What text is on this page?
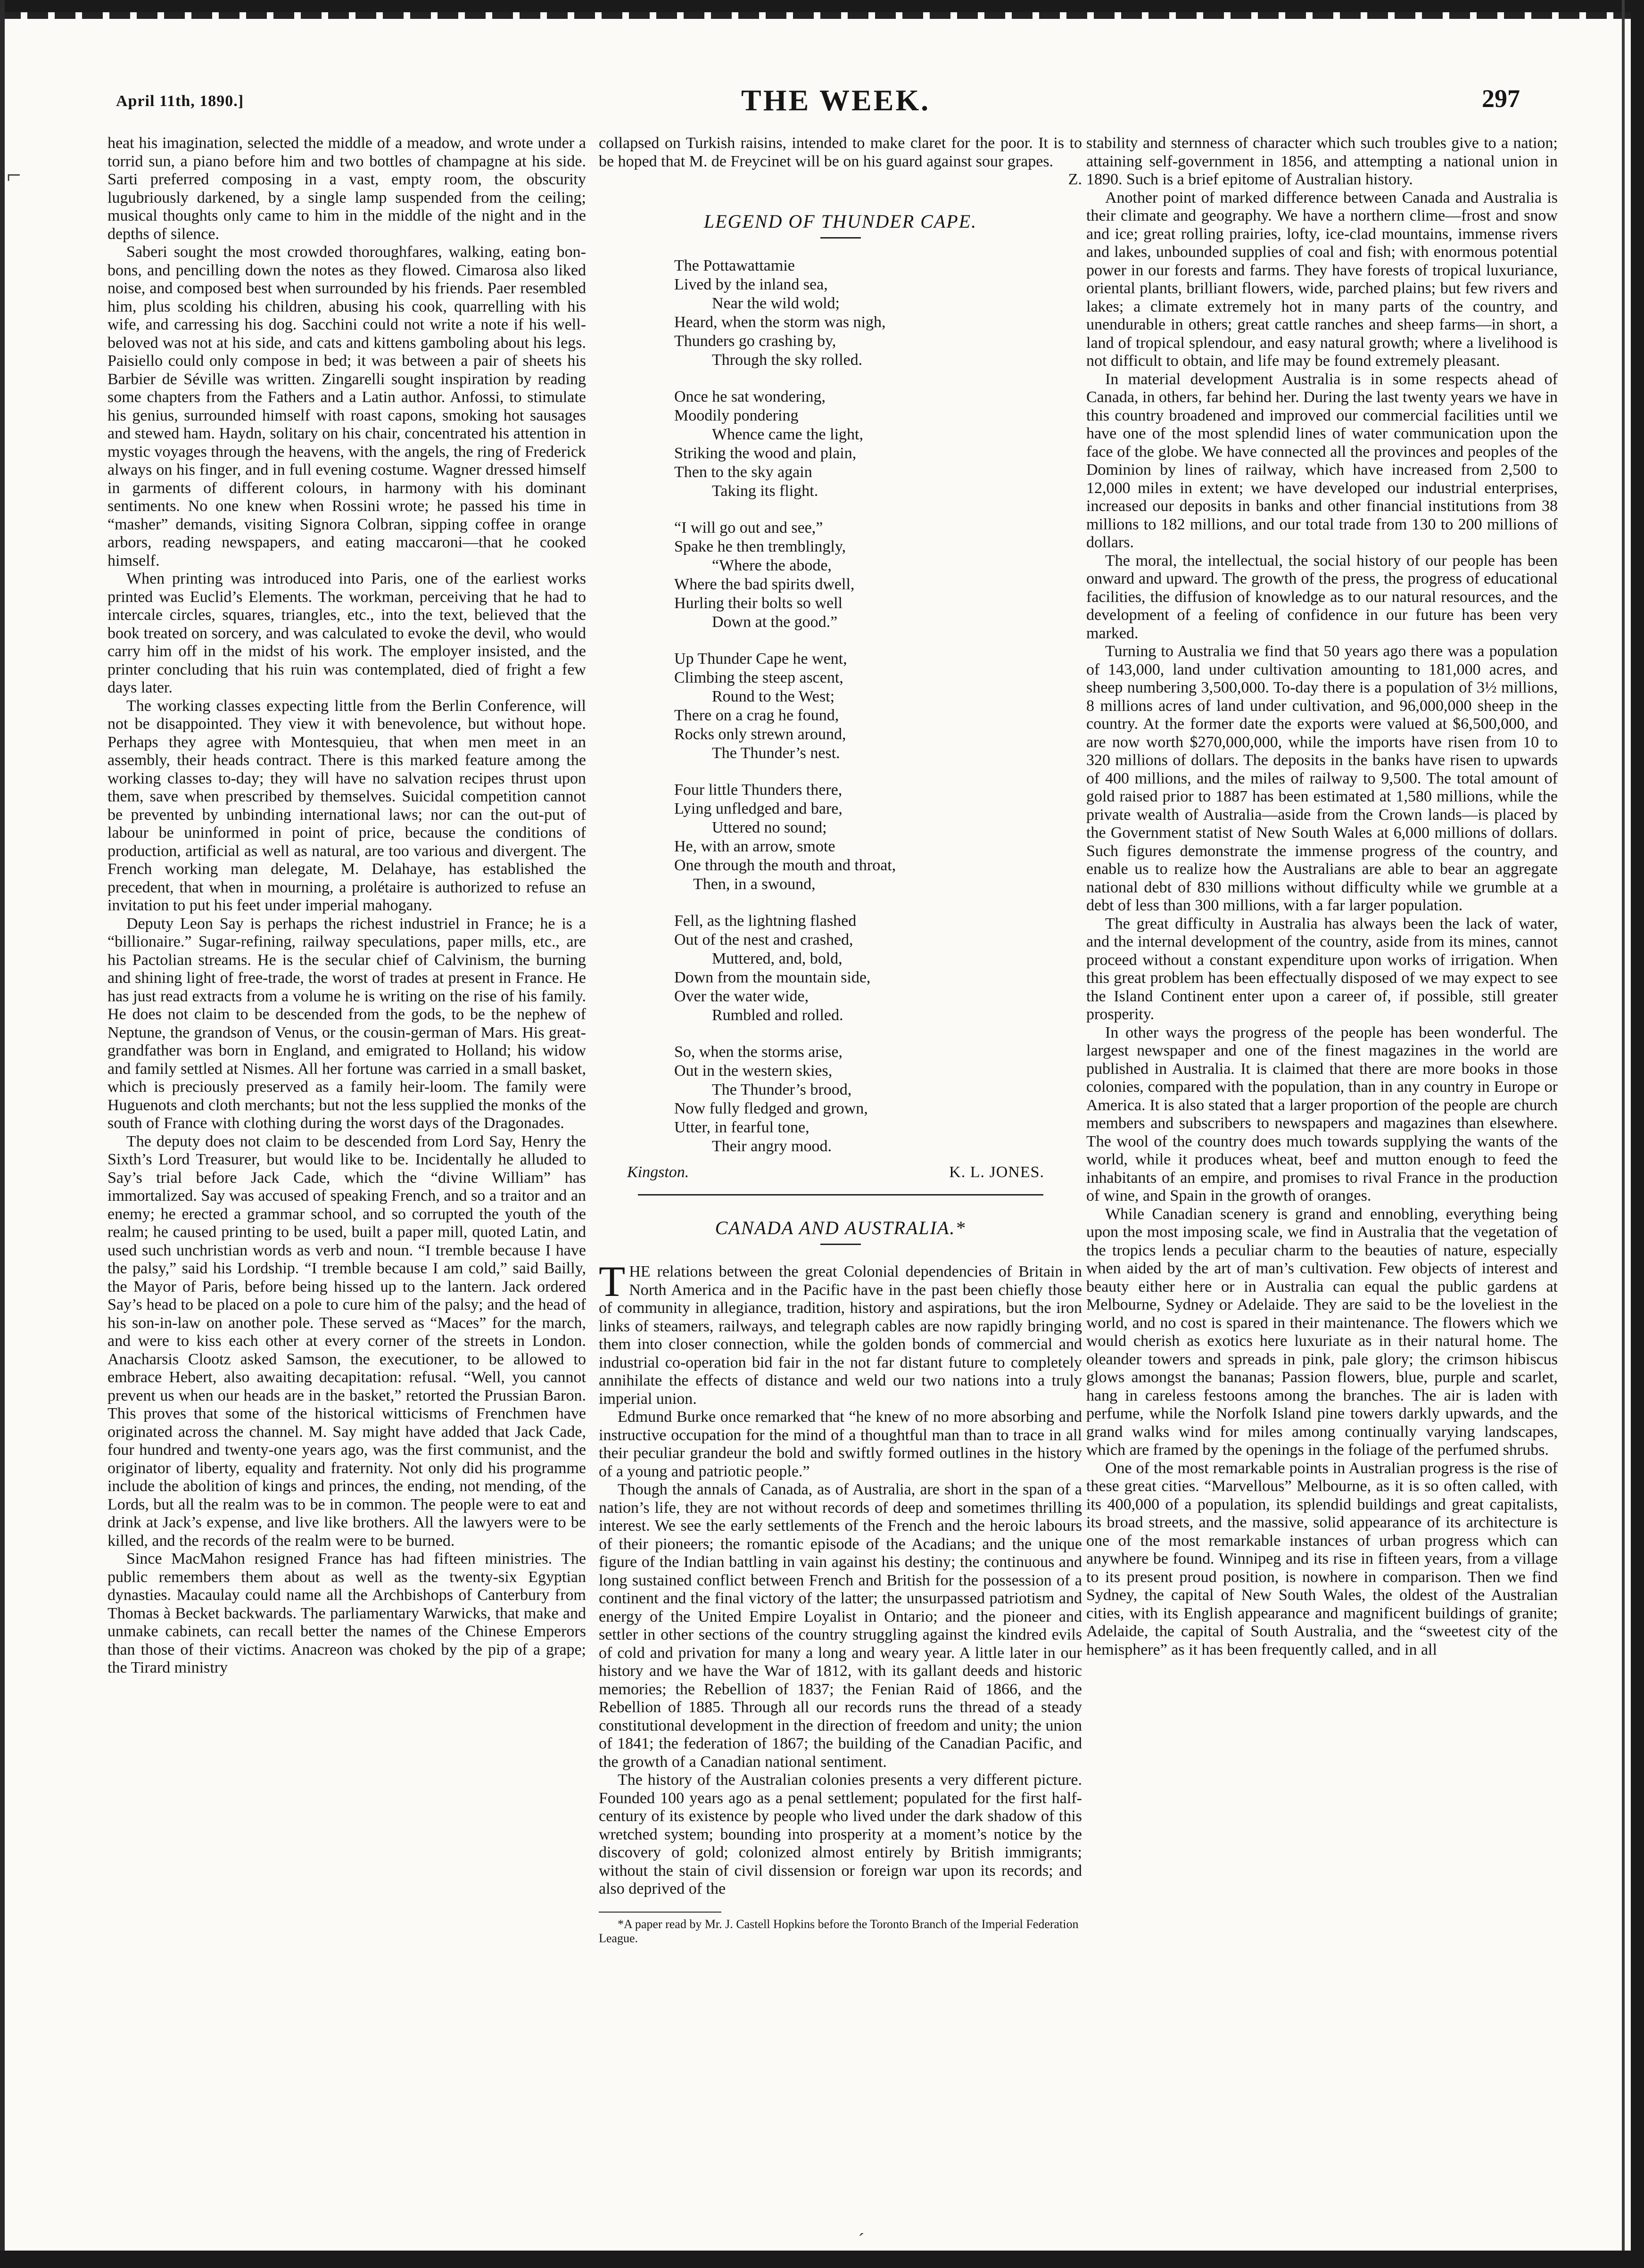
⌐
ˊ
April 11th, 1890.]	THE WEEK.	297

heat his imagination, selected the middle of a meadow, and wrote under a torrid sun, a piano before him and two bottles of champagne at his side. Sarti preferred composing in a vast, empty room, the obscurity lugubriously darkened, by a single lamp suspended from the ceiling; musical thoughts only came to him in the middle of the night and in the depths of silence.

Saberi sought the most crowded thoroughfares, walking, eating bon-bons, and pencilling down the notes as they flowed. Cimarosa also liked noise, and composed best when surrounded by his friends. Paer resembled him, plus scolding his children, abusing his cook, quarrelling with his wife, and carressing his dog. Sacchini could not write a note if his well-beloved was not at his side, and cats and kittens gamboling about his legs. Paisiello could only compose in bed; it was between a pair of sheets his Barbier de Séville was written. Zingarelli sought inspiration by reading some chapters from the Fathers and a Latin author. Anfossi, to stimulate his genius, surrounded himself with roast capons, smoking hot sausages and stewed ham. Haydn, solitary on his chair, concentrated his attention in mystic voyages through the heavens, with the angels, the ring of Frederick always on his finger, and in full evening costume. Wagner dressed himself in garments of different colours, in harmony with his dominant sentiments. No one knew when Rossini wrote; he passed his time in “masher” demands, visiting Signora Colbran, sipping coffee in orange arbors, reading newspapers, and eating maccaroni—that he cooked himself.

When printing was introduced into Paris, one of the earliest works printed was Euclid’s Elements. The workman, perceiving that he had to intercale circles, squares, triangles, etc., into the text, believed that the book treated on sorcery, and was calculated to evoke the devil, who would carry him off in the midst of his work. The employer insisted, and the printer concluding that his ruin was contemplated, died of fright a few days later.

The working classes expecting little from the Berlin Conference, will not be disappointed. They view it with benevolence, but without hope. Perhaps they agree with Montesquieu, that when men meet in an assembly, their heads contract. There is this marked feature among the working classes to-day; they will have no salvation recipes thrust upon them, save when prescribed by themselves. Suicidal competition cannot be prevented by unbinding international laws; nor can the out-put of labour be uninformed in point of price, because the conditions of production, artificial as well as natural, are too various and divergent. The French working man delegate, M. Delahaye, has established the precedent, that when in mourning, a prolétaire is authorized to refuse an invitation to put his feet under imperial mahogany.

Deputy Leon Say is perhaps the richest industriel in France; he is a “billionaire.” Sugar-refining, railway speculations, paper mills, etc., are his Pactolian streams. He is the secular chief of Calvinism, the burning and shining light of free-trade, the worst of trades at present in France. He has just read extracts from a volume he is writing on the rise of his family. He does not claim to be descended from the gods, to be the nephew of Neptune, the grandson of Venus, or the cousin-german of Mars. His great-grandfather was born in England, and emigrated to Holland; his widow and family settled at Nismes. All her fortune was carried in a small basket, which is preciously preserved as a family heir-loom. The family were Huguenots and cloth merchants; but not the less supplied the monks of the south of France with clothing during the worst days of the Dragonades.

The deputy does not claim to be descended from Lord Say, Henry the Sixth’s Lord Treasurer, but would like to be. Incidentally he alluded to Say’s trial before Jack Cade, which the “divine William” has immortalized. Say was accused of speaking French, and so a traitor and an enemy; he erected a grammar school, and so corrupted the youth of the realm; he caused printing to be used, built a paper mill, quoted Latin, and used such unchristian words as verb and noun. “I tremble because I have the palsy,” said his Lordship. “I tremble because I am cold,” said Bailly, the Mayor of Paris, before being hissed up to the lantern. Jack ordered Say’s head to be placed on a pole to cure him of the palsy; and the head of his son-in-law on another pole. These served as “Maces” for the march, and were to kiss each other at every corner of the streets in London. Anacharsis Clootz asked Samson, the executioner, to be allowed to embrace Hebert, also awaiting decapitation: refusal. “Well, you cannot prevent us when our heads are in the basket,” retorted the Prussian Baron. This proves that some of the historical witticisms of Frenchmen have originated across the channel. M. Say might have added that Jack Cade, four hundred and twenty-one years ago, was the first communist, and the originator of liberty, equality and fraternity. Not only did his programme include the abolition of kings and princes, the ending, not mending, of the Lords, but all the realm was to be in common. The people were to eat and drink at Jack’s expense, and live like brothers. All the lawyers were to be killed, and the records of the realm were to be burned.

Since MacMahon resigned France has had fifteen ministries. The public remembers them about as well as the twenty-six Egyptian dynasties. Macaulay could name all the Archbishops of Canterbury from Thomas à Becket backwards. The parliamentary Warwicks, that make and unmake cabinets, can recall better the names of the Chinese Emperors than those of their victims. Anacreon was choked by the pip of a grape; the Tirard ministry

collapsed on Turkish raisins, intended to make claret for the poor. It is to be hoped that M. de Freycinet will be on his guard against sour grapes.
Z.

LEGEND OF THUNDER CAPE.
The Pottawattamie
Lived by the inland sea,
Near the wild wold;
Heard, when the storm was nigh,
Thunders go crashing by,
Through the sky rolled.
Once he sat wondering,
Moodily pondering
Whence came the light,
Striking the wood and plain,
Then to the sky again
Taking its flight.
“I will go out and see,”
Spake he then tremblingly,
“Where the abode,
Where the bad spirits dwell,
Hurling their bolts so well
Down at the good.”
Up Thunder Cape he went,
Climbing the steep ascent,
Round to the West;
There on a crag he found,
Rocks only strewn around,
The Thunder’s nest.
Four little Thunders there,
Lying unfledged and bare,
Uttered no sound;
He, with an arrow, smote
One through the mouth and throat,
Then, in a swound,
Fell, as the lightning flashed
Out of the nest and crashed,
Muttered, and, bold,
Down from the mountain side,
Over the water wide,
Rumbled and rolled.
So, when the storms arise,
Out in the western skies,
The Thunder’s brood,
Now fully fledged and grown,
Utter, in fearful tone,
Their angry mood.
Kingston.	K. L. JONES.
CANADA AND AUSTRALIA.*

THE relations between the great Colonial dependencies of Britain in North America and in the Pacific have in the past been chiefly those of community in allegiance, tradition, history and aspirations, but the iron links of steamers, railways, and telegraph cables are now rapidly bringing them into closer connection, while the golden bonds of commercial and industrial co-operation bid fair in the not far distant future to completely annihilate the effects of distance and weld our two nations into a truly imperial union.

Edmund Burke once remarked that “he knew of no more absorbing and instructive occupation for the mind of a thoughtful man than to trace in all their peculiar grandeur the bold and swiftly formed outlines in the history of a young and patriotic people.”

Though the annals of Canada, as of Australia, are short in the span of a nation’s life, they are not without records of deep and sometimes thrilling interest. We see the early settlements of the French and the heroic labours of their pioneers; the romantic episode of the Acadians; and the unique figure of the Indian battling in vain against his destiny; the continuous and long sustained conflict between French and British for the possession of a continent and the final victory of the latter; the unsurpassed patriotism and energy of the United Empire Loyalist in Ontario; and the pioneer and settler in other sections of the country struggling against the kindred evils of cold and privation for many a long and weary year. A little later in our history and we have the War of 1812, with its gallant deeds and historic memories; the Rebellion of 1837; the Fenian Raid of 1866, and the Rebellion of 1885. Through all our records runs the thread of a steady constitutional development in the direction of freedom and unity; the union of 1841; the federation of 1867; the building of the Canadian Pacific, and the growth of a Canadian national sentiment.

The history of the Australian colonies presents a very different picture. Founded 100 years ago as a penal settlement; populated for the first half-century of its existence by people who lived under the dark shadow of this wretched system; bounding into prosperity at a moment’s notice by the discovery of gold; colonized almost entirely by British immigrants; without the stain of civil dissension or foreign war upon its records; and also deprived of the

*A paper read by Mr. J. Castell Hopkins before the Toronto Branch of the Imperial Federation League.

stability and sternness of character which such troubles give to a nation; attaining self-government in 1856, and attempting a national union in 1890. Such is a brief epitome of Australian history.

Another point of marked difference between Canada and Australia is their climate and geography. We have a northern clime—frost and snow and ice; great rolling prairies, lofty, ice-clad mountains, immense rivers and lakes, unbounded supplies of coal and fish; with enormous potential power in our forests and farms. They have forests of tropical luxuriance, oriental plants, brilliant flowers, wide, parched plains; but few rivers and lakes; a climate extremely hot in many parts of the country, and unendurable in others; great cattle ranches and sheep farms—in short, a land of tropical splendour, and easy natural growth; where a livelihood is not difficult to obtain, and life may be found extremely pleasant.

In material development Australia is in some respects ahead of Canada, in others, far behind her. During the last twenty years we have in this country broadened and improved our commercial facilities until we have one of the most splendid lines of water communication upon the face of the globe. We have connected all the provinces and peoples of the Dominion by lines of railway, which have increased from 2,500 to 12,000 miles in extent; we have developed our industrial enterprises, increased our deposits in banks and other financial institutions from 38 millions to 182 millions, and our total trade from 130 to 200 millions of dollars.

The moral, the intellectual, the social history of our people has been onward and upward. The growth of the press, the progress of educational facilities, the diffusion of knowledge as to our natural resources, and the development of a feeling of confidence in our future has been very marked.

Turning to Australia we find that 50 years ago there was a population of 143,000, land under cultivation amounting to 181,000 acres, and sheep numbering 3,500,000. To-day there is a population of 3½ millions, 8 millions acres of land under cultivation, and 96,000,000 sheep in the country. At the former date the exports were valued at $6,500,000, and are now worth $270,000,000, while the imports have risen from 10 to 320 millions of dollars. The deposits in the banks have risen to upwards of 400 millions, and the miles of railway to 9,500. The total amount of gold raised prior to 1887 has been estimated at 1,580 millions, while the private wealth of Australia—aside from the Crown lands—is placed by the Government statist of New South Wales at 6,000 millions of dollars. Such figures demonstrate the immense progress of the country, and enable us to realize how the Australians are able to bear an aggregate national debt of 830 millions without difficulty while we grumble at a debt of less than 300 millions, with a far larger population.

The great difficulty in Australia has always been the lack of water, and the internal development of the country, aside from its mines, cannot proceed without a constant expenditure upon works of irrigation. When this great problem has been effectually disposed of we may expect to see the Island Continent enter upon a career of, if possible, still greater prosperity.

In other ways the progress of the people has been wonderful. The largest newspaper and one of the finest magazines in the world are published in Australia. It is claimed that there are more books in those colonies, compared with the population, than in any country in Europe or America. It is also stated that a larger proportion of the people are church members and subscribers to newspapers and magazines than elsewhere. The wool of the country does much towards supplying the wants of the world, while it produces wheat, beef and mutton enough to feed the inhabitants of an empire, and promises to rival France in the production of wine, and Spain in the growth of oranges.

While Canadian scenery is grand and ennobling, everything being upon the most imposing scale, we find in Australia that the vegetation of the tropics lends a peculiar charm to the beauties of nature, especially when aided by the art of man’s cultivation. Few objects of interest and beauty either here or in Australia can equal the public gardens at Melbourne, Sydney or Adelaide. They are said to be the loveliest in the world, and no cost is spared in their maintenance. The flowers which we would cherish as exotics here luxuriate as in their natural home. The oleander towers and spreads in pink, pale glory; the crimson hibiscus glows amongst the bananas; Passion flowers, blue, purple and scarlet, hang in careless festoons among the branches. The air is laden with perfume, while the Norfolk Island pine towers darkly upwards, and the grand walks wind for miles among continually varying landscapes, which are framed by the openings in the foliage of the perfumed shrubs.

One of the most remarkable points in Australian progress is the rise of these great cities. “Marvellous” Melbourne, as it is so often called, with its 400,000 of a population, its splendid buildings and great capitalists, its broad streets, and the massive, solid appearance of its architecture is one of the most remarkable instances of urban progress which can anywhere be found. Winnipeg and its rise in fifteen years, from a village to its present proud position, is nowhere in comparison. Then we find Sydney, the capital of New South Wales, the oldest of the Australian cities, with its English appearance and magnificent buildings of granite; Adelaide, the capital of South Australia, and the “sweetest city of the hemisphere” as it has been frequently called, and in all
